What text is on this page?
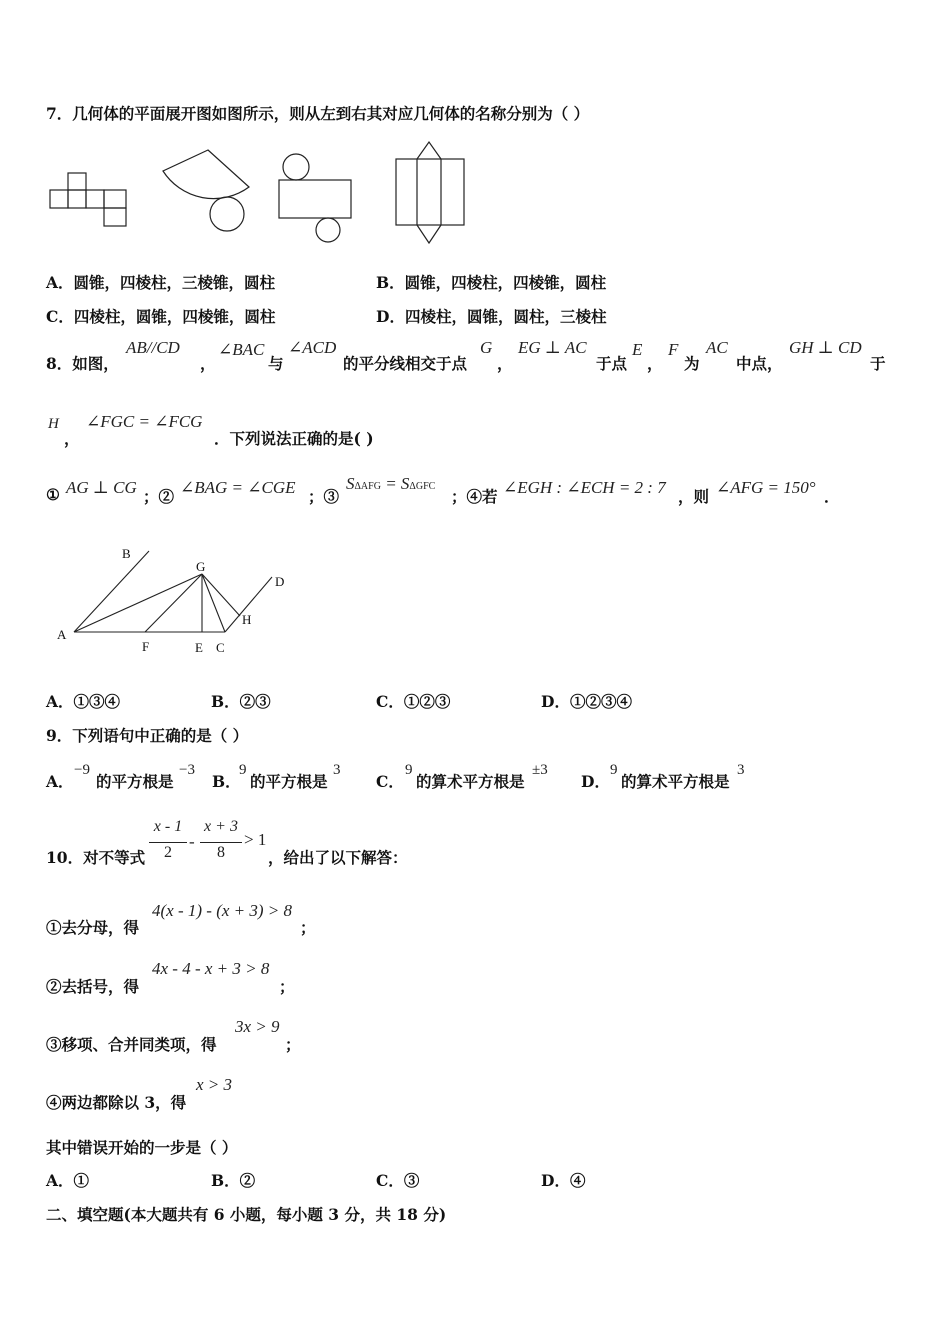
7．几何体的平面展开图如图所示，则从左到右其对应几何体的名称分别为（ ）
A．圆锥，四棱柱，三棱锥，圆柱	B．圆锥，四棱柱，四棱锥，圆柱
C．四棱柱，圆锥，四棱锥，圆柱	D．四棱柱，圆锥，圆柱，三棱柱
8．如图，
AB//CD
，
∠BAC
与
∠ACD
的平分线相交于点
G
，
EG ⊥ AC
于点
E
，
F
为
AC
中点，
GH ⊥ CD
于
H
，
∠FGC = ∠FCG
．下列说法正确的是( )
① AG ⊥ CG ；② ∠BAG = ∠CGE ；③
SΔAFG = SΔGFC
；④若 ∠EGH : ∠ECH = 2 : 7 ，则 ∠AFG = 150° ．
A
B
G
D
H
F	E C
A．①③④	B．②③	C．①②③	D．①②③④
9．下列语句中正确的是（ ）
A．
−9
的平方根是
−3
B．
9
的平方根是
3
C．
9
的算术平方根是
±3
D．
9
的算术平方根是
3
10．对不等式
x - 1
2
-
x + 3
8
> 1
，给出了以下解答：
①去分母，得
4(x - 1) - (x + 3) > 8
；
②去括号，得
4x - 4 - x + 3 > 8
；
③移项、合并同类项，得
3x > 9
；
④两边都除以 3，得
x > 3
其中错误开始的一步是（ ）
A．①	B．②	C．③	D．④
二、填空题(本大题共有 6 小题，每小题 3 分，共 18 分)
